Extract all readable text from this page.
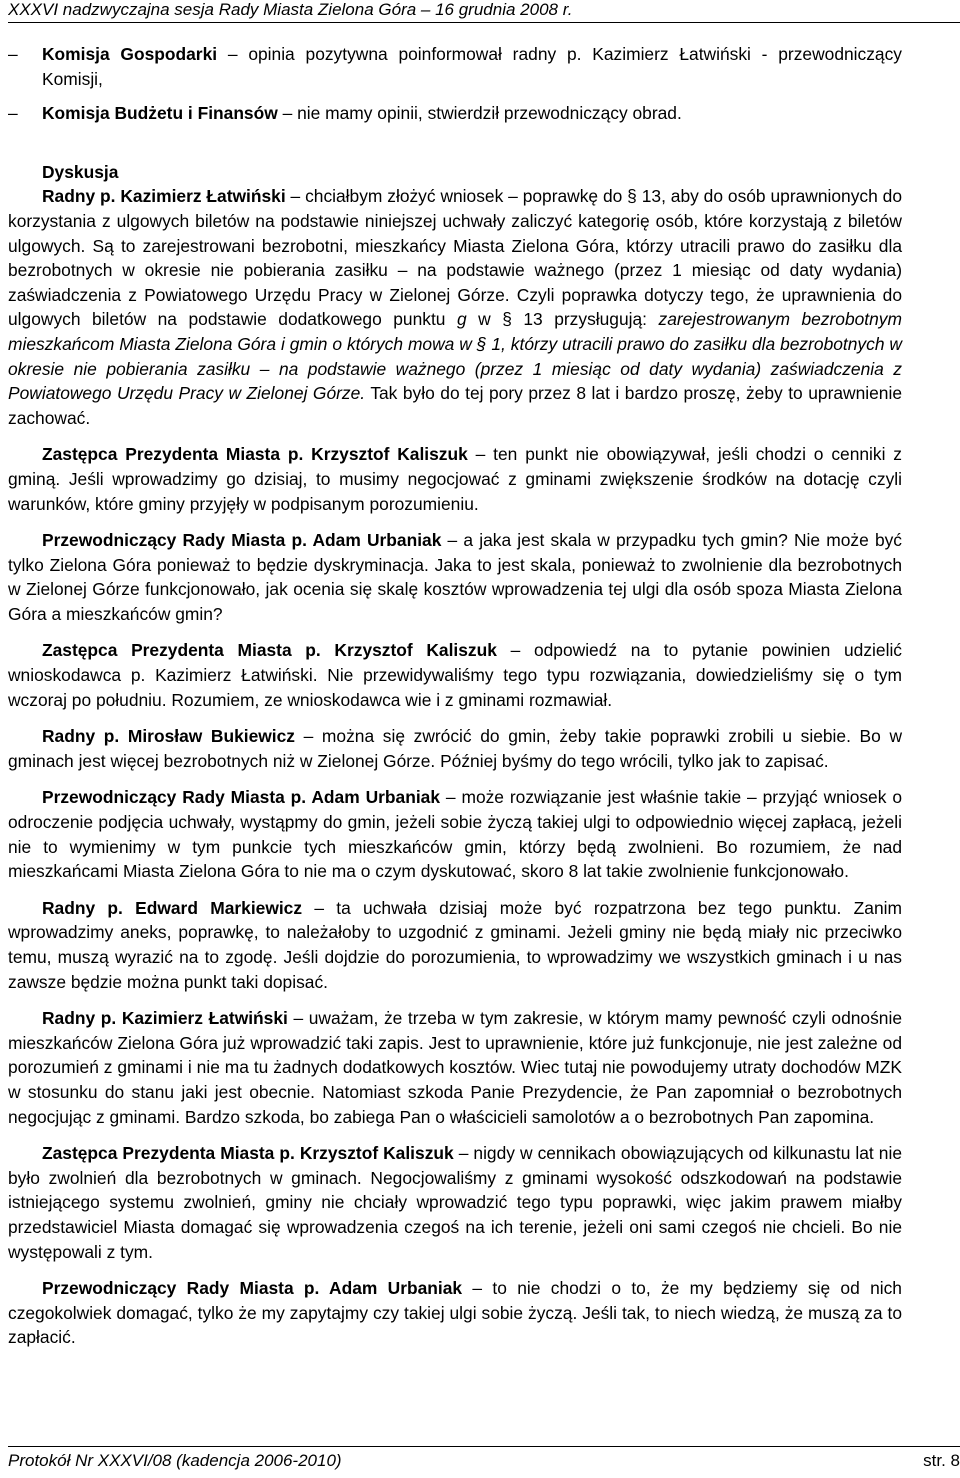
XXXVI nadzwyczajna sesja Rady Miasta Zielona Góra – 16 grudnia 2008 r.
–	Komisja Gospodarki – opinia pozytywna poinformował radny p. Kazimierz Łatwiński - przewodniczący Komisji,
–	Komisja Budżetu i Finansów – nie mamy opinii, stwierdził przewodniczący obrad.

Dyskusja

Radny p. Kazimierz Łatwiński – chciałbym złożyć wniosek – poprawkę do § 13, aby do osób uprawnionych do korzystania z ulgowych biletów na podstawie niniejszej uchwały zaliczyć kategorię osób, które korzystają z biletów ulgowych. Są to zarejestrowani bezrobotni, mieszkańcy Miasta Zielona Góra, którzy utracili prawo do zasiłku dla bezrobotnych w okresie nie pobierania zasiłku – na podstawie ważnego (przez 1 miesiąc od daty wydania) zaświadczenia z Powiatowego Urzędu Pracy w Zielonej Górze. Czyli poprawka dotyczy tego, że uprawnienia do ulgowych biletów na podstawie dodatkowego punktu g w § 13 przysługują: zarejestrowanym bezrobotnym mieszkańcom Miasta Zielona Góra i gmin o których mowa w § 1, którzy utracili prawo do zasiłku dla bezrobotnych w okresie nie pobierania zasiłku – na podstawie ważnego (przez 1 miesiąc od daty wydania) zaświadczenia z Powiatowego Urzędu Pracy w Zielonej Górze. Tak było do tej pory przez 8 lat i bardzo proszę, żeby to uprawnienie zachować.

Zastępca Prezydenta Miasta p. Krzysztof Kaliszuk – ten punkt nie obowiązywał, jeśli chodzi o cenniki z gminą. Jeśli wprowadzimy go dzisiaj, to musimy negocjować z gminami zwiększenie środków na dotację czyli warunków, które gminy przyjęły w podpisanym porozumieniu.

Przewodniczący Rady Miasta p. Adam Urbaniak – a jaka jest skala w przypadku tych gmin? Nie może być tylko Zielona Góra ponieważ to będzie dyskryminacja. Jaka to jest skala, ponieważ to zwolnienie dla bezrobotnych w Zielonej Górze funkcjonowało, jak ocenia się skalę kosztów wprowadzenia tej ulgi dla osób spoza Miasta Zielona Góra a mieszkańców gmin?

Zastępca Prezydenta Miasta p. Krzysztof Kaliszuk – odpowiedź na to pytanie powinien udzielić wnioskodawca p. Kazimierz Łatwiński. Nie przewidywaliśmy tego typu rozwiązania, dowiedzieliśmy się o tym wczoraj po południu. Rozumiem, ze wnioskodawca wie i z gminami rozmawiał.

Radny p. Mirosław Bukiewicz – można się zwrócić do gmin, żeby takie poprawki zrobili u siebie. Bo w gminach jest więcej bezrobotnych niż w Zielonej Górze. Później byśmy do tego wrócili, tylko jak to zapisać.

Przewodniczący Rady Miasta p. Adam Urbaniak – może rozwiązanie jest właśnie takie – przyjąć wniosek o odroczenie podjęcia uchwały, wystąpmy do gmin, jeżeli sobie życzą takiej ulgi to odpowiednio więcej zapłacą, jeżeli nie to wymienimy w tym punkcie tych mieszkańców gmin, którzy będą zwolnieni. Bo rozumiem, że nad mieszkańcami Miasta Zielona Góra to nie ma o czym dyskutować, skoro 8 lat takie zwolnienie funkcjonowało.

Radny p. Edward Markiewicz – ta uchwała dzisiaj może być rozpatrzona bez tego punktu. Zanim wprowadzimy aneks, poprawkę, to należałoby to uzgodnić z gminami. Jeżeli gminy nie będą miały nic przeciwko temu, muszą wyrazić na to zgodę. Jeśli dojdzie do porozumienia, to wprowadzimy we wszystkich gminach i u nas zawsze będzie można punkt taki dopisać.

Radny p. Kazimierz Łatwiński – uważam, że trzeba w tym zakresie, w którym mamy pewność czyli odnośnie mieszkańców Zielona Góra już wprowadzić taki zapis. Jest to uprawnienie, które już funkcjonuje, nie jest zależne od porozumień z gminami i nie ma tu żadnych dodatkowych kosztów. Wiec tutaj nie powodujemy utraty dochodów MZK w stosunku do stanu jaki jest obecnie. Natomiast szkoda Panie Prezydencie, że Pan zapomniał o bezrobotnych negocjując z gminami. Bardzo szkoda, bo zabiega Pan o właścicieli samolotów a o bezrobotnych Pan zapomina.

Zastępca Prezydenta Miasta p. Krzysztof Kaliszuk – nigdy w cennikach obowiązujących od kilkunastu lat nie było zwolnień dla bezrobotnych w gminach. Negocjowaliśmy z gminami wysokość odszkodowań na podstawie istniejącego systemu zwolnień, gminy nie chciały wprowadzić tego typu poprawki, więc jakim prawem miałby przedstawiciel Miasta domagać się wprowadzenia czegoś na ich terenie, jeżeli oni sami czegoś nie chcieli. Bo nie występowali z tym.

Przewodniczący Rady Miasta p. Adam Urbaniak – to nie chodzi o to, że my będziemy się od nich czegokolwiek domagać, tylko że my zapytajmy czy takiej ulgi sobie życzą. Jeśli tak, to niech wiedzą, że muszą za to zapłacić.

Protokół Nr XXXVI/08 (kadencja 2006-2010)	str. 8
